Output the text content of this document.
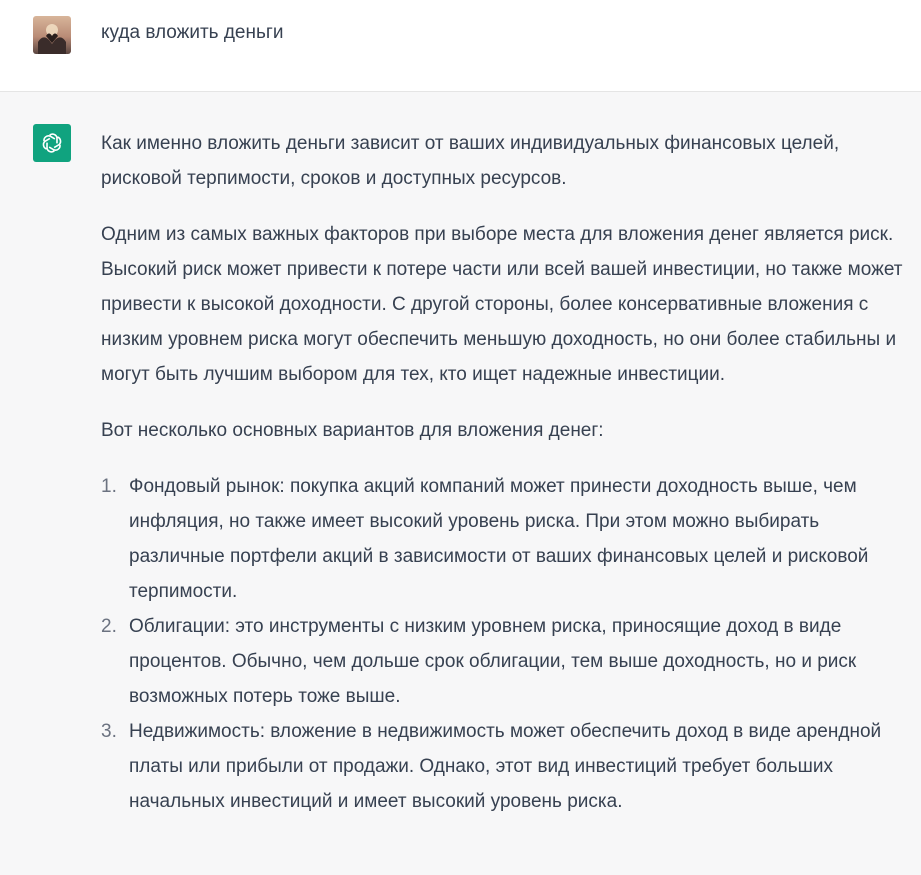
куда вложить деньги

Как именно вложить деньги зависит от ваших индивидуальных финансовых целей, рисковой терпимости, сроков и доступных ресурсов.

Одним из самых важных факторов при выборе места для вложения денег является риск. Высокий риск может привести к потере части или всей вашей инвестиции, но также может привести к высокой доходности. С другой стороны, более консервативные вложения с низким уровнем риска могут обеспечить меньшую доходность, но они более стабильны и могут быть лучшим выбором для тех, кто ищет надежные инвестиции.

Вот несколько основных вариантов для вложения денег:

1. Фондовый рынок: покупка акций компаний может принести доходность выше, чем инфляция, но также имеет высокий уровень риска. При этом можно выбирать различные портфели акций в зависимости от ваших финансовых целей и рисковой терпимости.
2. Облигации: это инструменты с низким уровнем риска, приносящие доход в виде процентов. Обычно, чем дольше срок облигации, тем выше доходность, но и риск возможных потерь тоже выше.
3. Недвижимость: вложение в недвижимость может обеспечить доход в виде арендной платы или прибыли от продажи. Однако, этот вид инвестиций требует больших начальных инвестиций и имеет высокий уровень риска.
